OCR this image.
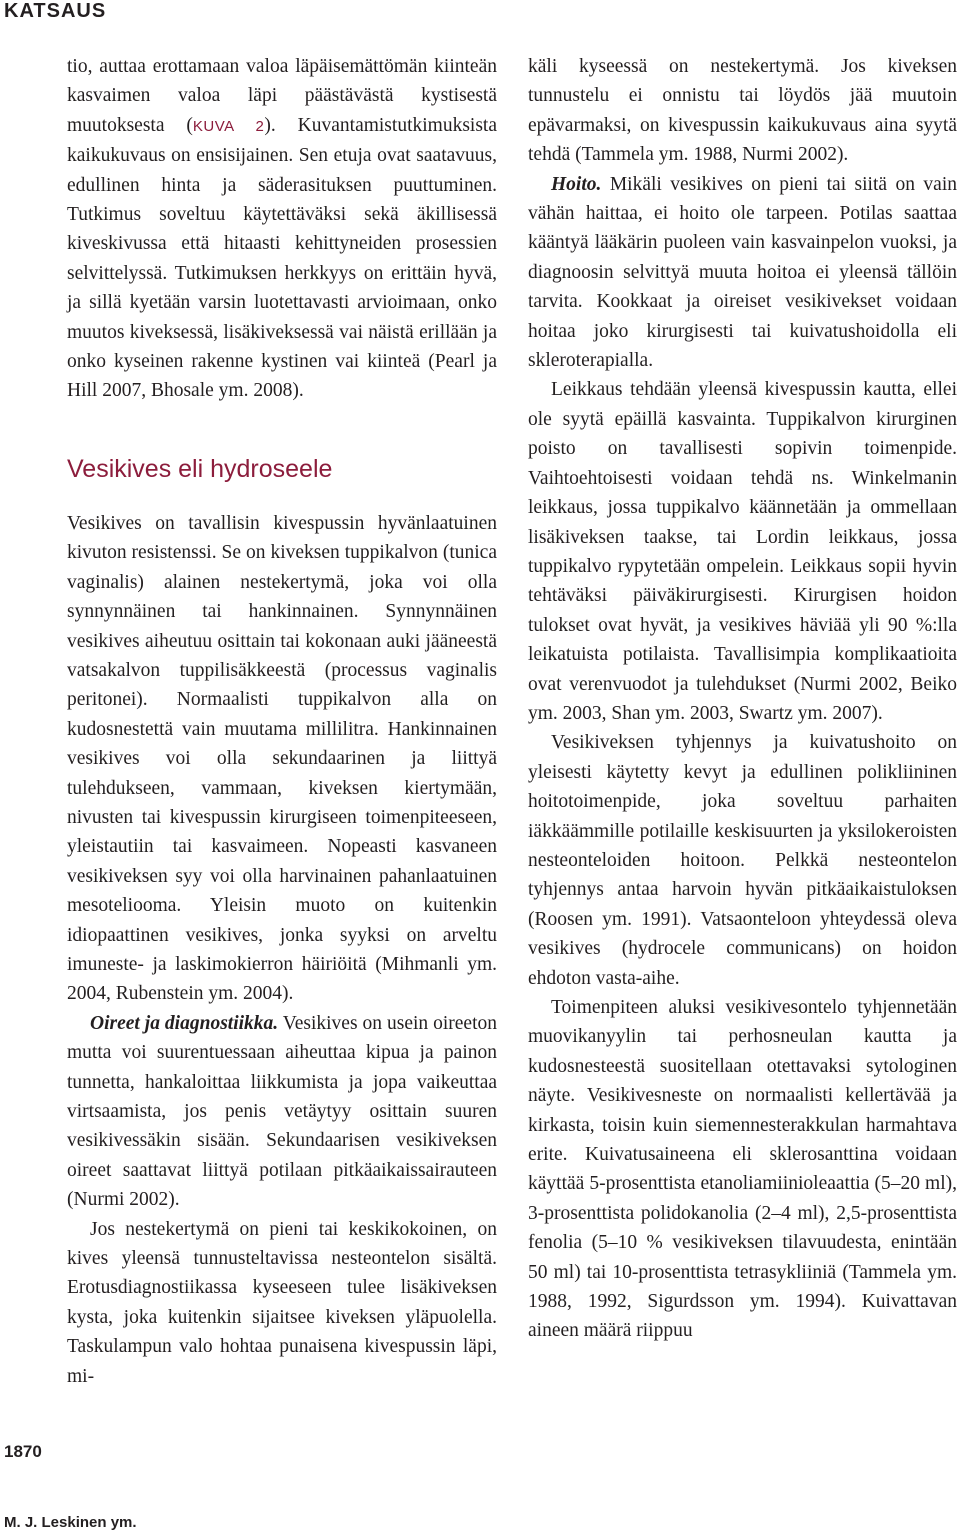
KATSAUS

tio, auttaa erottamaan valoa läpäisemättömän kiinteän kasvaimen valoa läpi päästävästä kystisestä muutoksesta (KUVA 2). Kuvantamistutkimuksista kaikukuvaus on ensisijainen. Sen etuja ovat saatavuus, edullinen hinta ja säderasituksen puuttuminen. Tutkimus soveltuu käytettäväksi sekä äkillisessä kiveskivussa että hitaasti kehittyneiden prosessien selvittelyssä. Tutkimuksen herkkyys on erittäin hyvä, ja sillä kyetään varsin luotettavasti arvioimaan, onko muutos kiveksessä, lisäkiveksessä vai näistä erillään ja onko kyseinen rakenne kystinen vai kiinteä (Pearl ja Hill 2007, Bhosale ym. 2008).

Vesikives eli hydroseele

Vesikives on tavallisin kivespussin hyvänlaatuinen kivuton resistenssi. Se on kiveksen tuppikalvon (tunica vaginalis) alainen nestekertymä, joka voi olla synnynnäinen tai hankinnainen. Synnynnäinen vesikives aiheutuu osittain tai kokonaan auki jääneestä vatsakalvon tuppilisäkkeestä (processus vaginalis peritonei). Normaalisti tuppikalvon alla on kudosnestettä vain muutama millilitra. Hankinnainen vesikives voi olla sekundaarinen ja liittyä tulehdukseen, vammaan, kiveksen kiertymään, nivusten tai kivespussin kirurgiseen toimenpiteeseen, yleistautiin tai kasvaimeen. Nopeasti kasvaneen vesikiveksen syy voi olla harvinainen pahanlaatuinen mesoteliooma. Yleisin muoto on kuitenkin idiopaattinen vesikives, jonka syyksi on arveltu imuneste- ja laskimokierron häiriöitä (Mihmanli ym. 2004, Rubenstein ym. 2004).

Oireet ja diagnostiikka. Vesikives on usein oireeton mutta voi suurentuessaan aiheuttaa kipua ja painon tunnetta, hankaloittaa liikkumista ja jopa vaikeuttaa virtsaamista, jos penis vetäytyy osittain suuren vesikivessäkin sisään. Sekundaarisen vesikiveksen oireet saattavat liittyä potilaan pitkäaikaissairauteen (Nurmi 2002).

Jos nestekertymä on pieni tai keskikokoinen, on kives yleensä tunnusteltavissa nesteontelon sisältä. Erotusdiagnostiikassa kyseeseen tulee lisäkiveksen kysta, joka kuitenkin sijaitsee kiveksen yläpuolella. Taskulampun valo hohtaa punaisena kivespussin läpi, mi-

käli kyseessä on nestekertymä. Jos kiveksen tunnustelu ei onnistu tai löydös jää muutoin epävarmaksi, on kivespussin kaikukuvaus aina syytä tehdä (Tammela ym. 1988, Nurmi 2002).

Hoito. Mikäli vesikives on pieni tai siitä on vain vähän haittaa, ei hoito ole tarpeen. Potilas saattaa kääntyä lääkärin puoleen vain kasvainpelon vuoksi, ja diagnoosin selvittyä muuta hoitoa ei yleensä tällöin tarvita. Kookkaat ja oireiset vesikivekset voidaan hoitaa joko kirurgisesti tai kuivatushoidolla eli skleroterapialla.

Leikkaus tehdään yleensä kivespussin kautta, ellei ole syytä epäillä kasvainta. Tuppikalvon kirurginen poisto on tavallisesti sopivin toimenpide. Vaihtoehtoisesti voidaan tehdä ns. Winkelmanin leikkaus, jossa tuppikalvo käännetään ja ommellaan lisäkiveksen taakse, tai Lordin leikkaus, jossa tuppikalvo rypytetään ompelein. Leikkaus sopii hyvin tehtäväksi päiväkirurgisesti. Kirurgisen hoidon tulokset ovat hyvät, ja vesikives häviää yli 90 %:lla leikatuista potilaista. Tavallisimpia komplikaatioita ovat verenvuodot ja tulehdukset (Nurmi 2002, Beiko ym. 2003, Shan ym. 2003, Swartz ym. 2007).

Vesikiveksen tyhjennys ja kuivatushoito on yleisesti käytetty kevyt ja edullinen polikliininen hoitotoimenpide, joka soveltuu parhaiten iäkkäämmille potilaille keskisuurten ja yksilokeroisten nesteonteloiden hoitoon. Pelkkä nesteontelon tyhjennys antaa harvoin hyvän pitkäaikaistuloksen (Roosen ym. 1991). Vatsaonteloon yhteydessä oleva vesikives (hydrocele communicans) on hoidon ehdoton vasta-aihe.

Toimenpiteen aluksi vesikivesontelo tyhjennetään muovikanyylin tai perhosneulan kautta ja kudosnesteestä suositellaan otettavaksi sytologinen näyte. Vesikivesneste on normaalisti kellertävää ja kirkasta, toisin kuin siemennesterakkulan harmahtava erite. Kuivatusaineena eli sklerosanttina voidaan käyttää 5-prosenttista etanoliamiinioleaattia (5–20 ml), 3-prosenttista polidokanolia (2–4 ml), 2,5-prosenttista fenolia (5–10 % vesikiveksen tilavuudesta, enintään 50 ml) tai 10-prosenttista tetrasykliiniä (Tammela ym. 1988, 1992, Sigurdsson ym. 1994). Kuivattavan aineen määrä riippuu

1870
M. J. Leskinen ym.
